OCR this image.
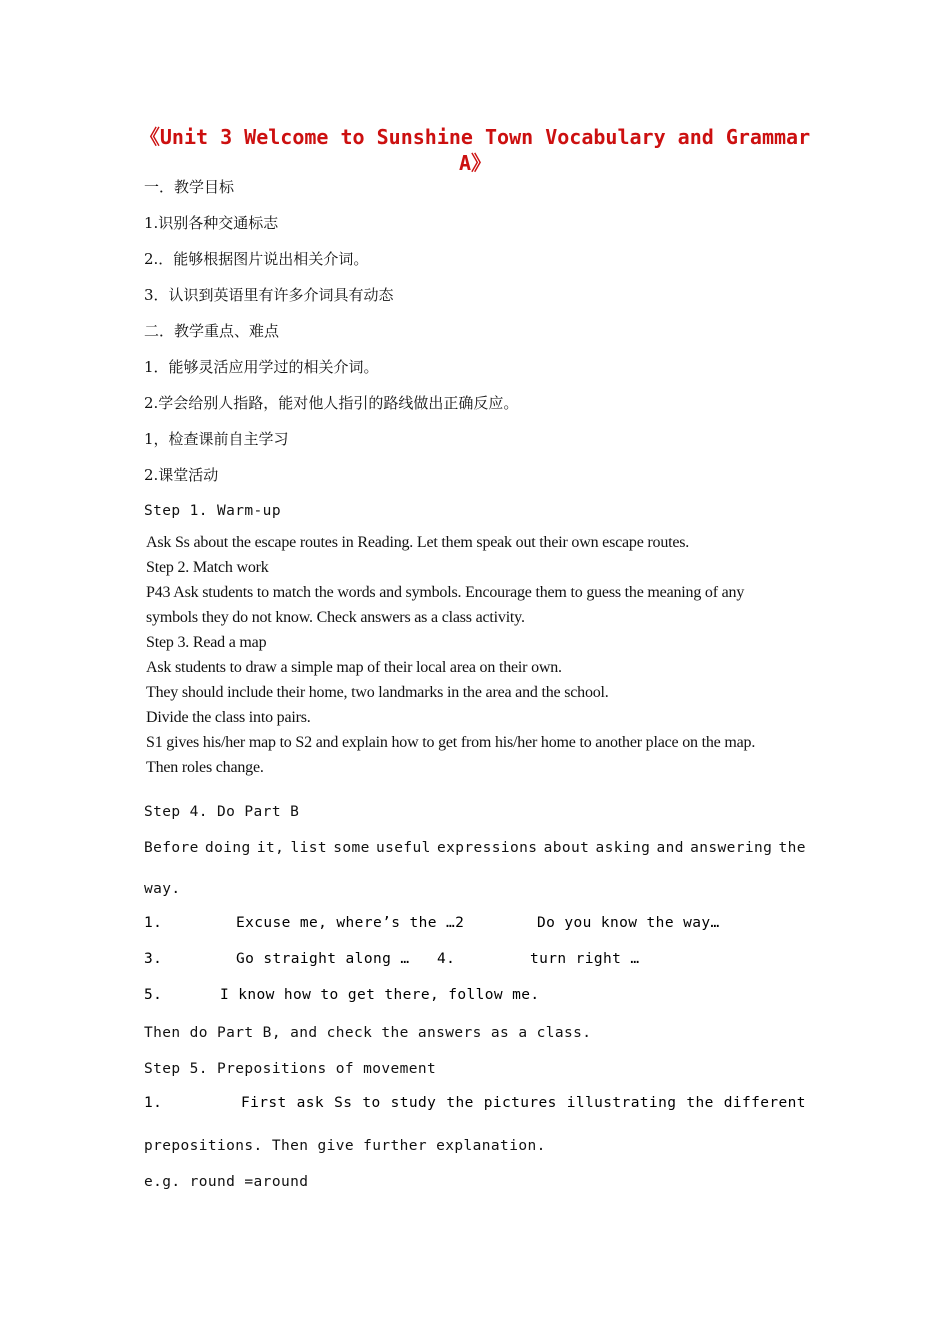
《Unit 3 Welcome to Sunshine Town Vocabulary and Grammar A》
一．教学目标
1.识别各种交通标志
2.．能够根据图片说出相关介词。
3．认识到英语里有许多介词具有动态
二．教学重点、难点
1．能够灵活应用学过的相关介词。
2.学会给别人指路，能对他人指引的路线做出正确反应。
1，检查课前自主学习
2.课堂活动
Step 1. Warm-up
Ask Ss about the escape routes in Reading. Let them speak out their own escape routes.
Step 2. Match work
P43 Ask students to match the words and symbols. Encourage them to guess the meaning of any
symbols they do not know. Check answers as a class activity.
Step 3. Read a map
Ask students to draw a simple map of their local area on their own.
They should include their home, two landmarks in the area and the school.
Divide the class into pairs.
S1 gives his/her map to S2 and explain how to get from his/her home to another place on the map.
Then roles change.
Step 4. Do Part B
Before doing it, list some useful expressions about asking and answering the
way.
1.	Excuse me, where’s the …2	Do you know the way…
3.	Go straight along … 4.	turn right …
5.	I know how to get there, follow me.
Then do Part B, and check the answers as a class.
Step 5. Prepositions of movement
1.	First ask Ss to study the pictures illustrating the different
prepositions. Then give further explanation.
e.g. round =around
